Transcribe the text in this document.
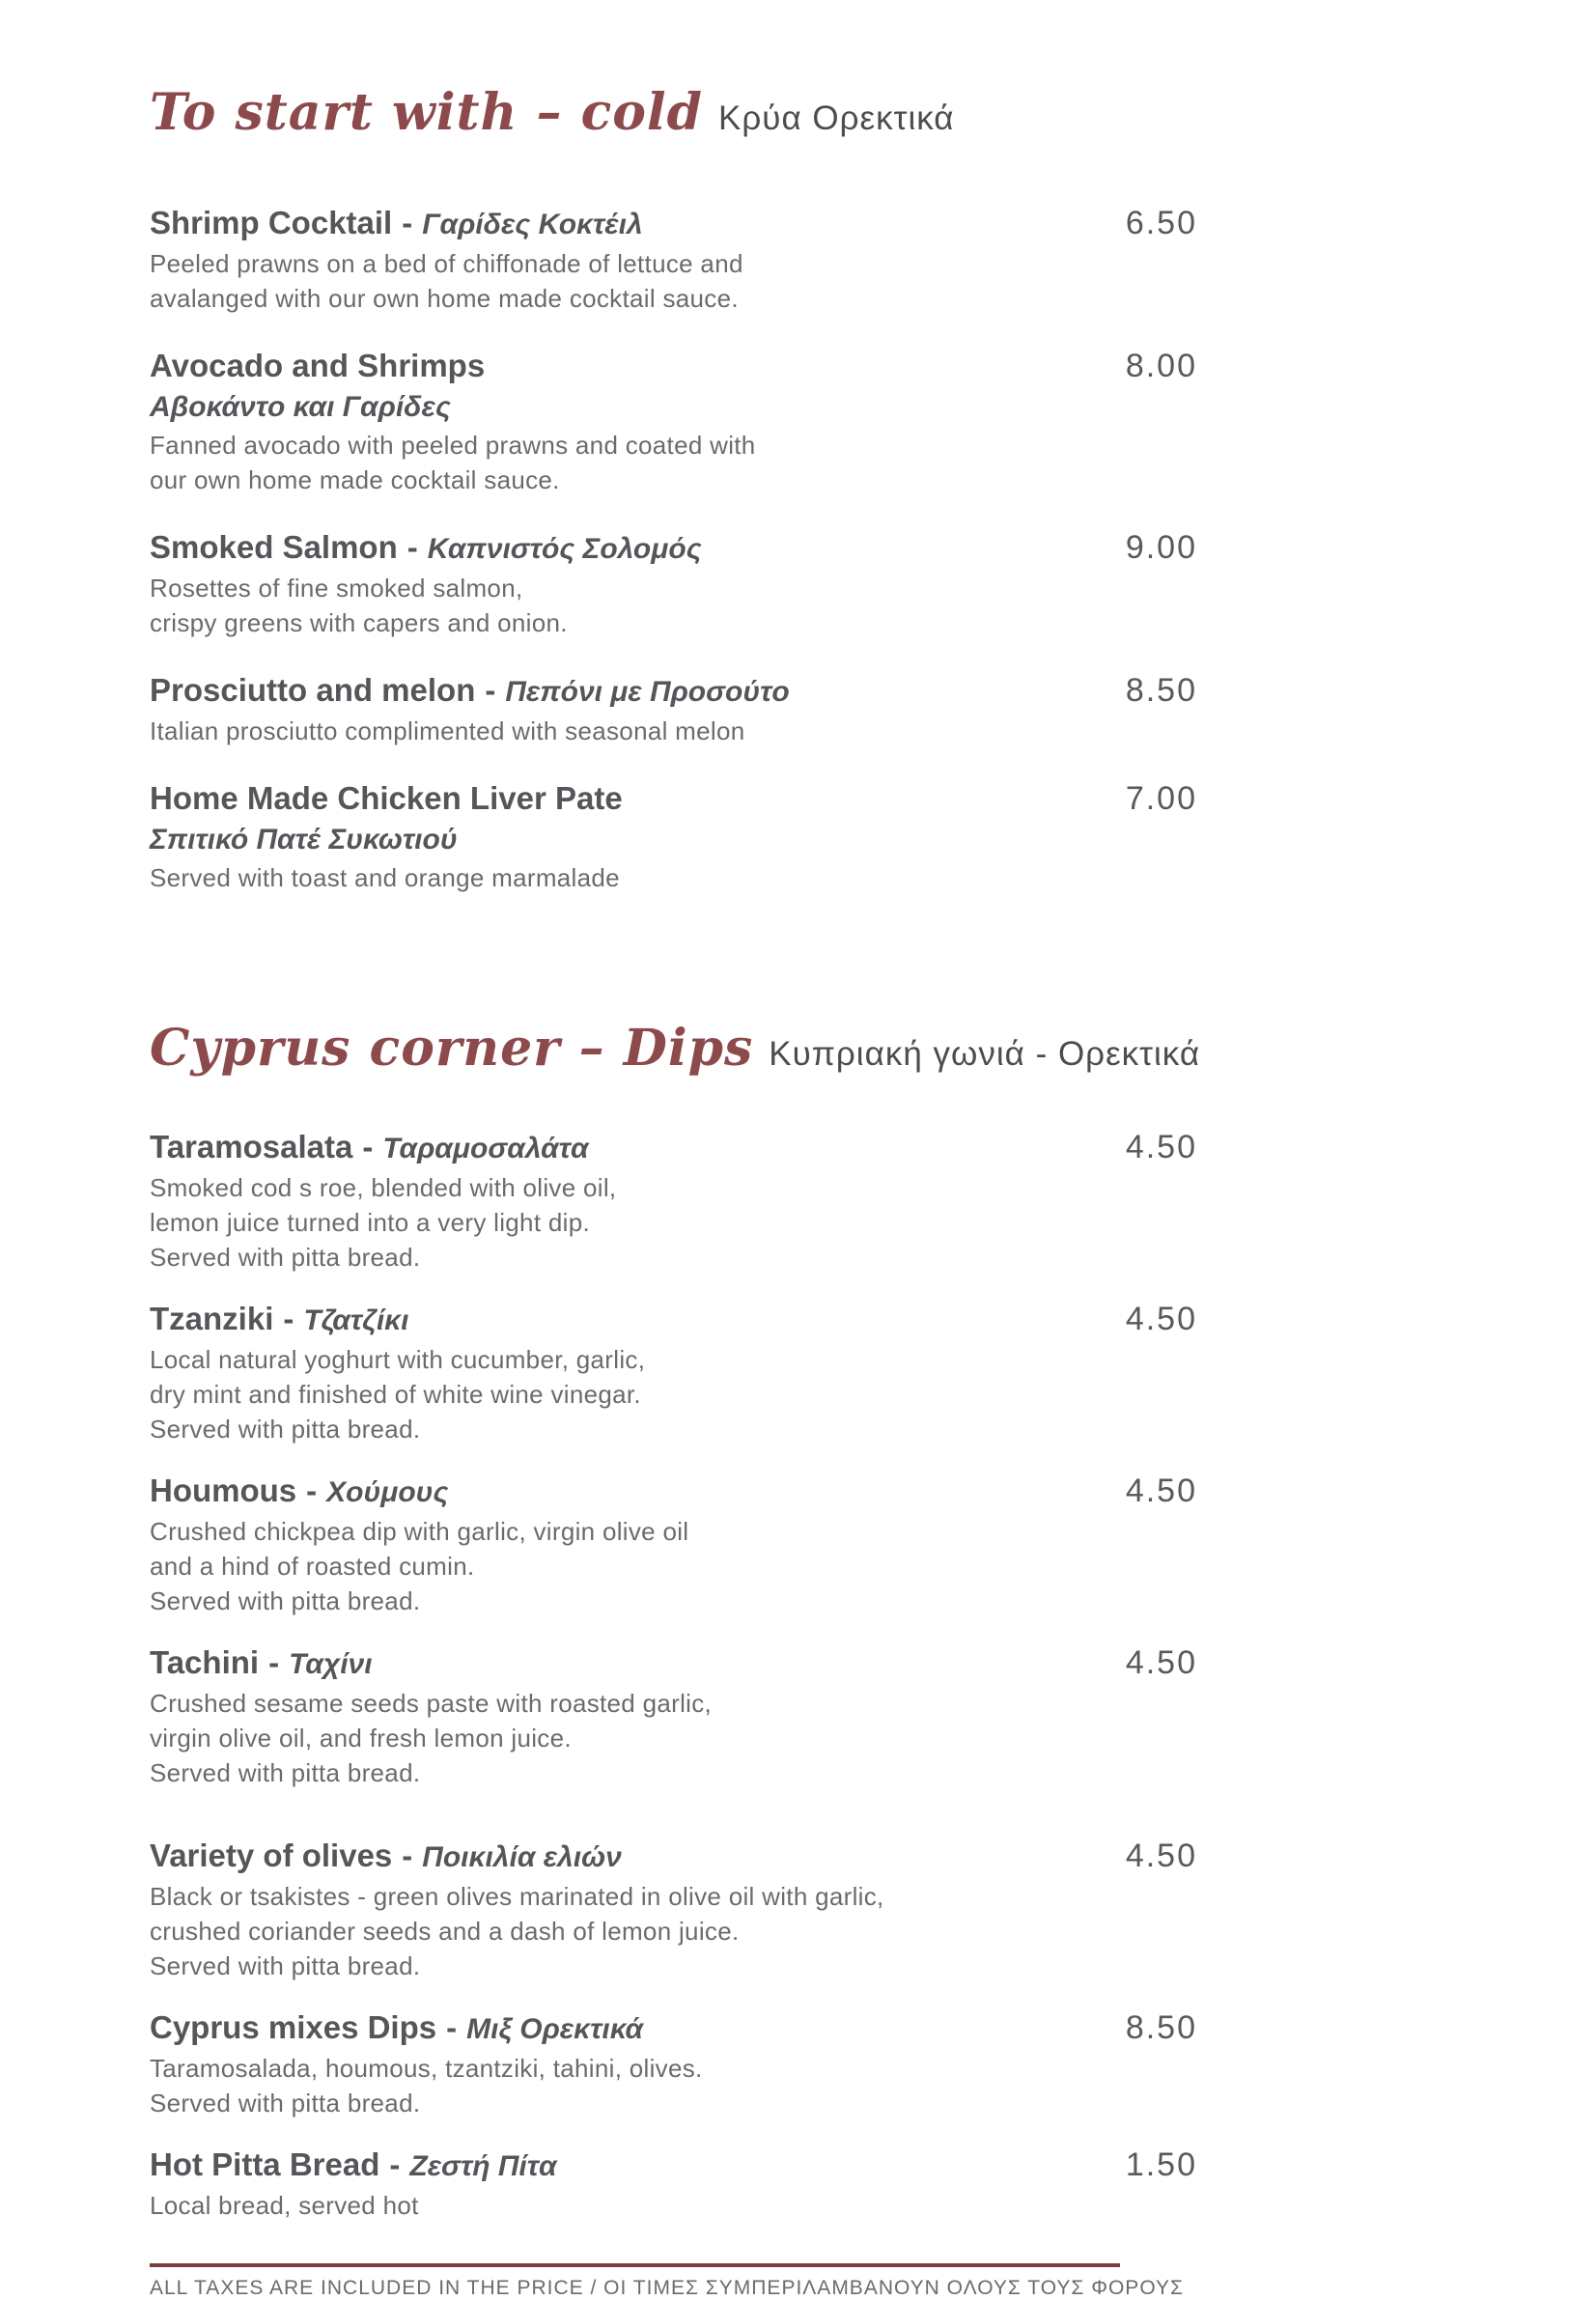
To start with – cold Κρύα Ορεκτικά
Shrimp Cocktail - Γαρίδες Κοκτέιλ
Peeled prawns on a bed of chiffonade of lettuce and
avalanged with our own home made cocktail sauce.
6.50
Avocado and Shrimps
Αβοκάντο και Γαρίδες
Fanned avocado with peeled prawns and coated with
our own home made cocktail sauce.
8.00
Smoked Salmon - Καπνιστός Σολομός
Rosettes of fine smoked salmon,
crispy greens with capers and onion.
9.00
Prosciutto and melon - Πεπόνι με Προσούτο
Italian prosciutto complimented with seasonal melon
8.50
Home Made Chicken Liver Pate
Σπιτικό Πατέ Συκωτιού
Served with toast and orange marmalade
7.00
Cyprus corner – Dips Κυπριακή γωνιά - Ορεκτικά
Taramosalata - Ταραμοσαλάτα
Smoked cod s roe, blended with olive oil,
lemon juice turned into a very light dip.
Served with pitta bread.
4.50
Tzanziki - Τζατζίκι
Local natural yoghurt with cucumber, garlic,
dry mint and finished of white wine vinegar.
Served with pitta bread.
4.50
Houmous - Χούμους
Crushed chickpea dip with garlic, virgin olive oil
and a hind of roasted cumin.
Served with pitta bread.
4.50
Tachini - Ταχίνι
Crushed sesame seeds paste with roasted garlic,
virgin olive oil, and fresh lemon juice.
Served with pitta bread.
4.50
Variety of olives - Ποικιλία ελιών
Black or tsakistes - green olives marinated in olive oil with garlic,
crushed coriander seeds and a dash of lemon juice.
Served with pitta bread.
4.50
Cyprus mixes Dips - Μιξ Ορεκτικά
Taramosalada, houmous, tzantziki, tahini, olives.
Served with pitta bread.
8.50
Hot Pitta Bread - Ζεστή Πίτα
Local bread, served hot
1.50
ALL TAXES ARE INCLUDED IN THE PRICE / ΟΙ ΤΙΜΕΣ ΣΥΜΠΕΡΙΛΑΜΒΑΝΟΥΝ ΟΛΟΥΣ ΤΟΥΣ ΦΟΡΟΥΣ
